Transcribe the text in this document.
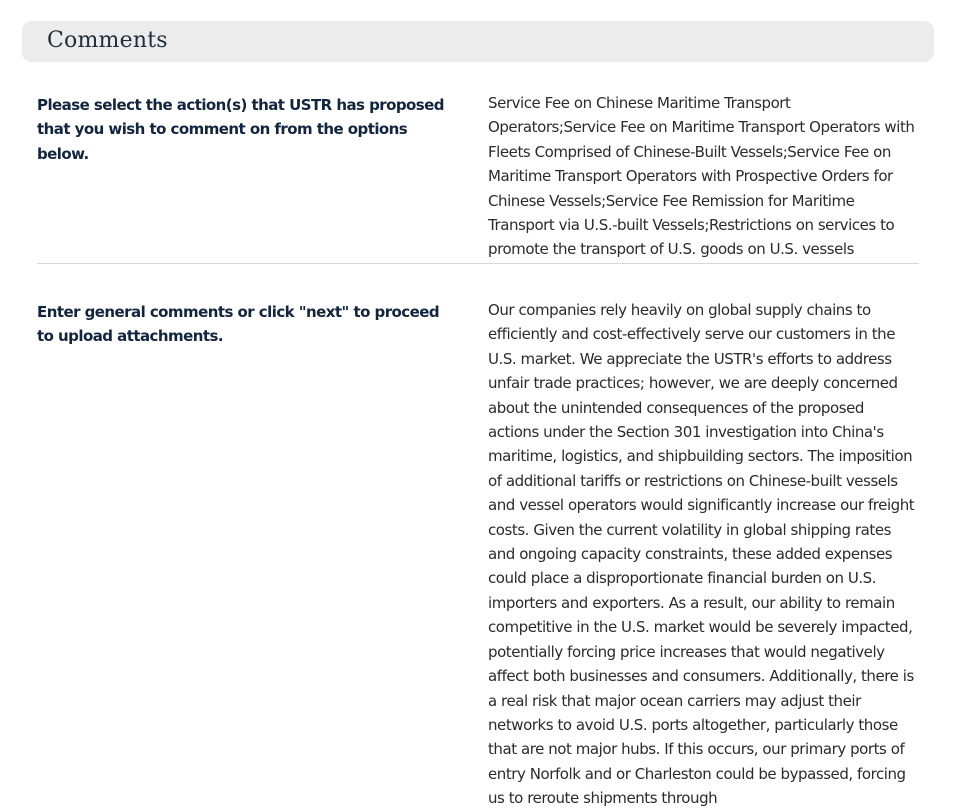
Comments

Please select the action(s) that USTR has proposed that you wish to comment on from the options below.

Service Fee on Chinese Maritime Transport Operators;Service Fee on Maritime Transport Operators with Fleets Comprised of Chinese-Built Vessels;Service Fee on Maritime Transport Operators with Prospective Orders for Chinese Vessels;Service Fee Remission for Maritime Transport via U.S.-built Vessels;Restrictions on services to promote the transport of U.S. goods on U.S. vessels

Enter general comments or click "next" to proceed to upload attachments.

Our companies rely heavily on global supply chains to efficiently and cost-effectively serve our customers in the U.S. market. We appreciate the USTR's efforts to address unfair trade practices; however, we are deeply concerned about the unintended consequences of the proposed actions under the Section 301 investigation into China's maritime, logistics, and shipbuilding sectors. The imposition of additional tariffs or restrictions on Chinese-built vessels and vessel operators would significantly increase our freight costs. Given the current volatility in global shipping rates and ongoing capacity constraints, these added expenses could place a disproportionate financial burden on U.S. importers and exporters. As a result, our ability to remain competitive in the U.S. market would be severely impacted, potentially forcing price increases that would negatively affect both businesses and consumers. Additionally, there is a real risk that major ocean carriers may adjust their networks to avoid U.S. ports altogether, particularly those that are not major hubs. If this occurs, our primary ports of entry Norfolk and or Charleston could be bypassed, forcing us to reroute shipments through
